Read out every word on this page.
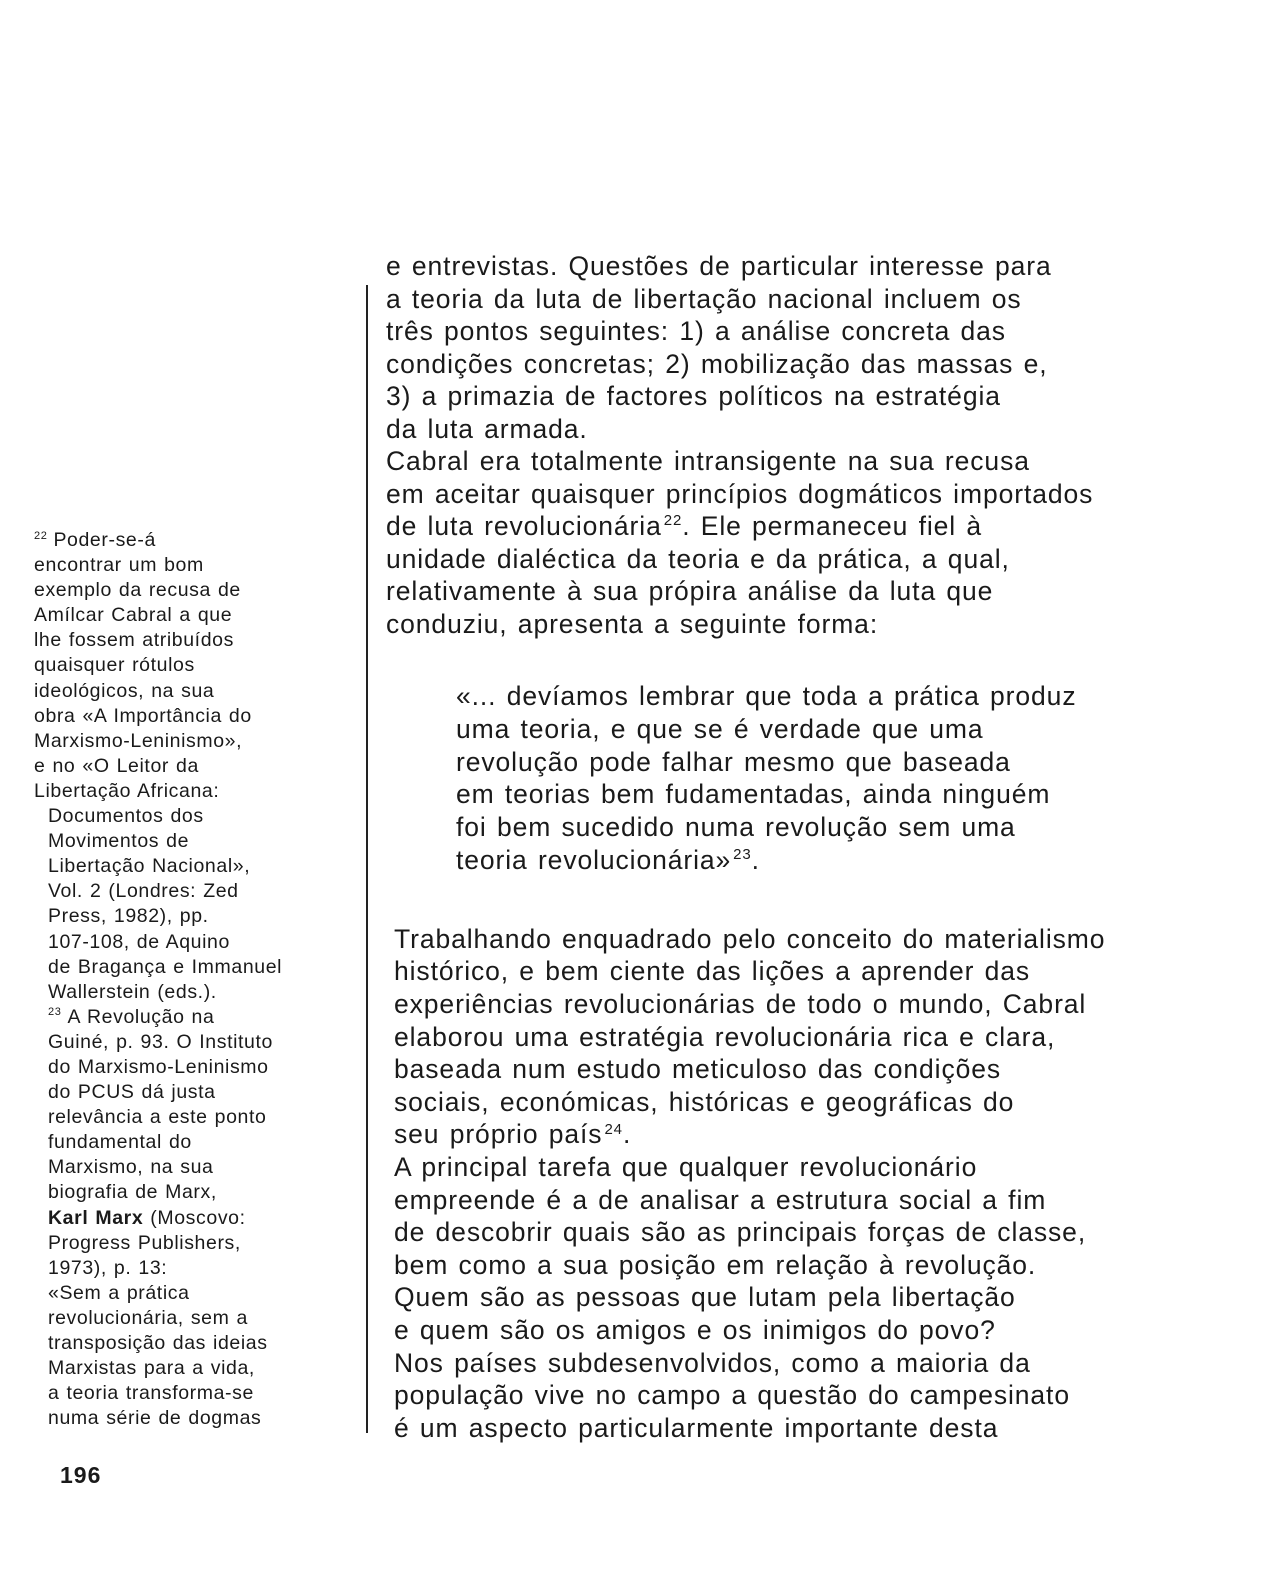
$^{22}$ Poder-se-á
encontrar um bom
exemplo da recusa de
Amílcar Cabral a que
lhe fossem atribuídos
quaisquer rótulos
ideológicos, na sua
obra «A Importância do
Marxismo-Leninismo»,
e no «O Leitor da
Libertação Africana:
Documentos dos
Movimentos de
Libertação Nacional»,
Vol. 2 (Londres: Zed
Press, 1982), pp.
107-108, de Aquino
de Bragança e Immanuel
Wallerstein (eds.).
$^{23}$ A Revolução na
Guiné, p. 93. O Instituto
do Marxismo-Leninismo
do PCUS dá justa
relevância a este ponto
fundamental do
Marxismo, na sua
biografia de Marx,
Karl Marx (Moscovo:
Progress Publishers,
1973), p. 13:
«Sem a prática
revolucionária, sem a
transposição das ideias
Marxistas para a vida,
a teoria transforma-se
numa série de dogmas
e entrevistas. Questões de particular interesse para
a teoria da luta de libertação nacional incluem os
três pontos seguintes: 1) a análise concreta das
condições concretas; 2) mobilização das massas e,
3) a primazia de factores políticos na estratégia
da luta armada.
Cabral era totalmente intransigente na sua recusa
em aceitar quaisquer princípios dogmáticos importados
de luta revolucionária $^{22}$. Ele permaneceu fiel à
unidade dialéctica da teoria e da prática, a qual,
relativamente à sua própira análise da luta que
conduziu, apresenta a seguinte forma:
«... devíamos lembrar que toda a prática produz
uma teoria, e que se é verdade que uma
revolução pode falhar mesmo que baseada
em teorias bem fudamentadas, ainda ninguém
foi bem sucedido numa revolução sem uma
teoria revolucionária» $^{23}$.
Trabalhando enquadrado pelo conceito do materialismo
histórico, e bem ciente das lições a aprender das
experiências revolucionárias de todo o mundo, Cabral
elaborou uma estratégia revolucionária rica e clara,
baseada num estudo meticuloso das condições
sociais, económicas, históricas e geográficas do
seu próprio país $^{24}$.
A principal tarefa que qualquer revolucionário
empreende é a de analisar a estrutura social a fim
de descobrir quais são as principais forças de classe,
bem como a sua posição em relação à revolução.
Quem são as pessoas que lutam pela libertação
e quem são os amigos e os inimigos do povo?
Nos países subdesenvolvidos, como a maioria da
população vive no campo a questão do campesinato
é um aspecto particularmente importante desta
196
